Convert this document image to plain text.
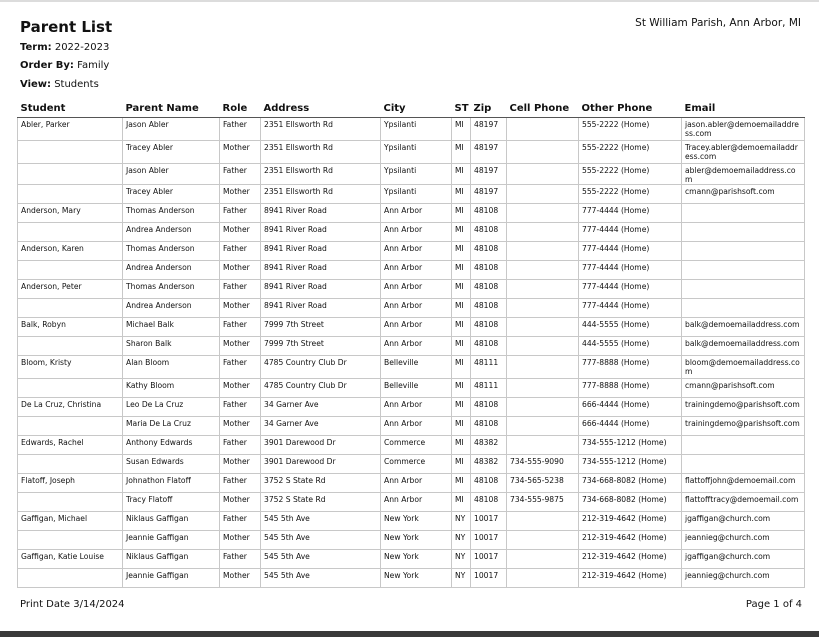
Parent List	St William Parish, Ann Arbor, MI
Term: 2022-2023
Order By: Family
View: Students
Student	Parent Name	Role	Address	City	ST	Zip	Cell Phone	Other Phone	Email
Abler, Parker	Jason Abler	Father	2351 Ellsworth Rd	Ypsilanti	MI	48197		555-2222 (Home)	jason.abler@demoemailaddress.com
	Tracey Abler	Mother	2351 Ellsworth Rd	Ypsilanti	MI	48197		555-2222 (Home)	Tracey.abler@demoemailaddress.com
	Jason Abler	Father	2351 Ellsworth Rd	Ypsilanti	MI	48197		555-2222 (Home)	abler@demoemailaddress.com
	Tracey Abler	Mother	2351 Ellsworth Rd	Ypsilanti	MI	48197		555-2222 (Home)	cmann@parishsoft.com
Anderson, Mary	Thomas Anderson	Father	8941 River Road	Ann Arbor	MI	48108		777-4444 (Home)	
	Andrea Anderson	Mother	8941 River Road	Ann Arbor	MI	48108		777-4444 (Home)	
Anderson, Karen	Thomas Anderson	Father	8941 River Road	Ann Arbor	MI	48108		777-4444 (Home)	
	Andrea Anderson	Mother	8941 River Road	Ann Arbor	MI	48108		777-4444 (Home)	
Anderson, Peter	Thomas Anderson	Father	8941 River Road	Ann Arbor	MI	48108		777-4444 (Home)	
	Andrea Anderson	Mother	8941 River Road	Ann Arbor	MI	48108		777-4444 (Home)	
Balk, Robyn	Michael Balk	Father	7999 7th Street	Ann Arbor	MI	48108		444-5555 (Home)	balk@demoemailaddress.com
	Sharon Balk	Mother	7999 7th Street	Ann Arbor	MI	48108		444-5555 (Home)	balk@demoemailaddress.com
Bloom, Kristy	Alan Bloom	Father	4785 Country Club Dr	Belleville	MI	48111		777-8888 (Home)	bloom@demoemailaddress.com
	Kathy Bloom	Mother	4785 Country Club Dr	Belleville	MI	48111		777-8888 (Home)	cmann@parishsoft.com
De La Cruz, Christina	Leo De La Cruz	Father	34 Garner Ave	Ann Arbor	MI	48108		666-4444 (Home)	trainingdemo@parishsoft.com
	Maria De La Cruz	Mother	34 Garner Ave	Ann Arbor	MI	48108		666-4444 (Home)	trainingdemo@parishsoft.com
Edwards, Rachel	Anthony Edwards	Father	3901 Darewood Dr	Commerce	MI	48382		734-555-1212 (Home)	
	Susan Edwards	Mother	3901 Darewood Dr	Commerce	MI	48382	734-555-9090	734-555-1212 (Home)	
Flatoff, Joseph	Johnathon Flatoff	Father	3752 S State Rd	Ann Arbor	MI	48108	734-565-5238	734-668-8082 (Home)	flattoffjohn@demoemail.com
	Tracy Flatoff	Mother	3752 S State Rd	Ann Arbor	MI	48108	734-555-9875	734-668-8082 (Home)	flattofftracy@demoemail.com
Gaffigan, Michael	Niklaus Gaffigan	Father	545 5th Ave	New York	NY	10017		212-319-4642 (Home)	jgaffigan@church.com
	Jeannie Gaffigan	Mother	545 5th Ave	New York	NY	10017		212-319-4642 (Home)	jeannieg@church.com
Gaffigan, Katie Louise	Niklaus Gaffigan	Father	545 5th Ave	New York	NY	10017		212-319-4642 (Home)	jgaffigan@church.com
	Jeannie Gaffigan	Mother	545 5th Ave	New York	NY	10017		212-319-4642 (Home)	jeannieg@church.com
Print Date 3/14/2024	Page 1 of 4
